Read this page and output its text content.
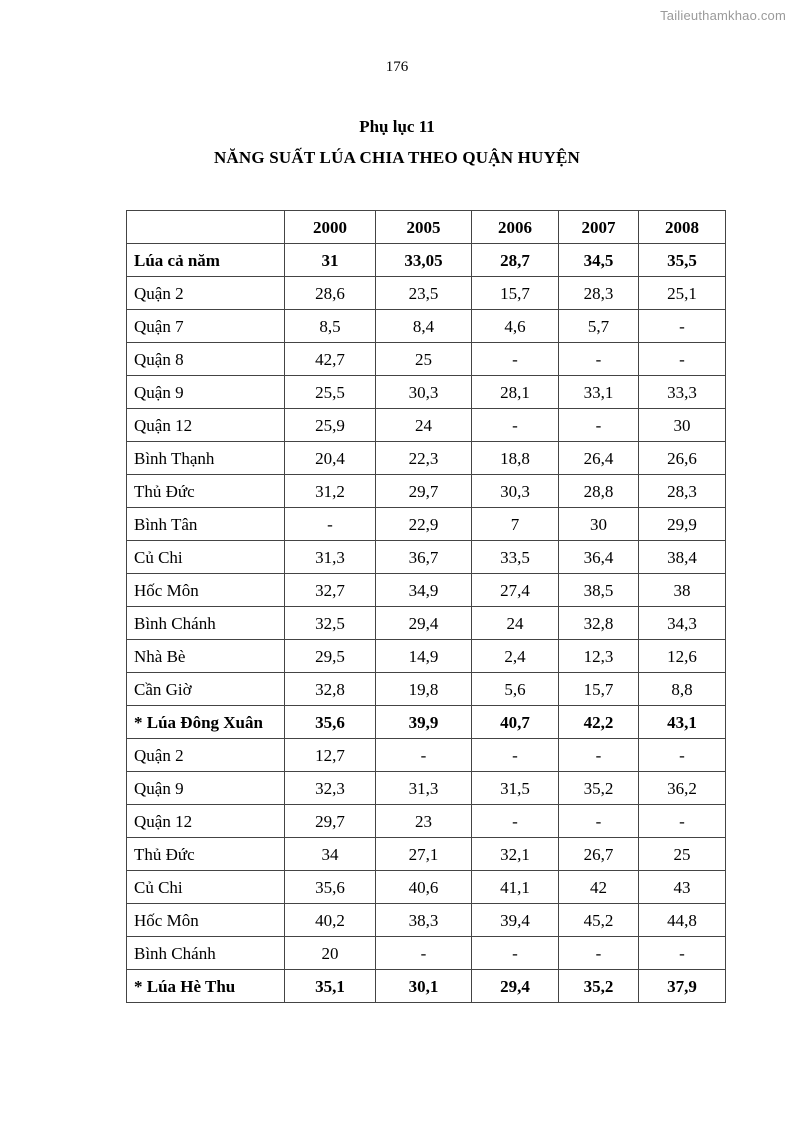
Tailieuthamkhao.com
176
Phụ lục 11
NĂNG SUẤT LÚA CHIA THEO QUẬN HUYỆN
	2000	2005	2006	2007	2008
Lúa cả năm	31	33,05	28,7	34,5	35,5
Quận 2	28,6	23,5	15,7	28,3	25,1
Quận 7	8,5	8,4	4,6	5,7	-
Quận 8	42,7	25	-	-	-
Quận 9	25,5	30,3	28,1	33,1	33,3
Quận 12	25,9	24	-	-	30
Bình Thạnh	20,4	22,3	18,8	26,4	26,6
Thủ Đức	31,2	29,7	30,3	28,8	28,3
Bình Tân	-	22,9	7	30	29,9
Củ Chi	31,3	36,7	33,5	36,4	38,4
Hốc Môn	32,7	34,9	27,4	38,5	38
Bình Chánh	32,5	29,4	24	32,8	34,3
Nhà Bè	29,5	14,9	2,4	12,3	12,6
Cần Giờ	32,8	19,8	5,6	15,7	8,8
* Lúa Đông Xuân	35,6	39,9	40,7	42,2	43,1
Quận 2	12,7	-	-	-	-
Quận 9	32,3	31,3	31,5	35,2	36,2
Quận 12	29,7	23	-	-	-
Thủ Đức	34	27,1	32,1	26,7	25
Củ Chi	35,6	40,6	41,1	42	43
Hốc Môn	40,2	38,3	39,4	45,2	44,8
Bình Chánh	20	-	-	-	-
* Lúa Hè Thu	35,1	30,1	29,4	35,2	37,9
